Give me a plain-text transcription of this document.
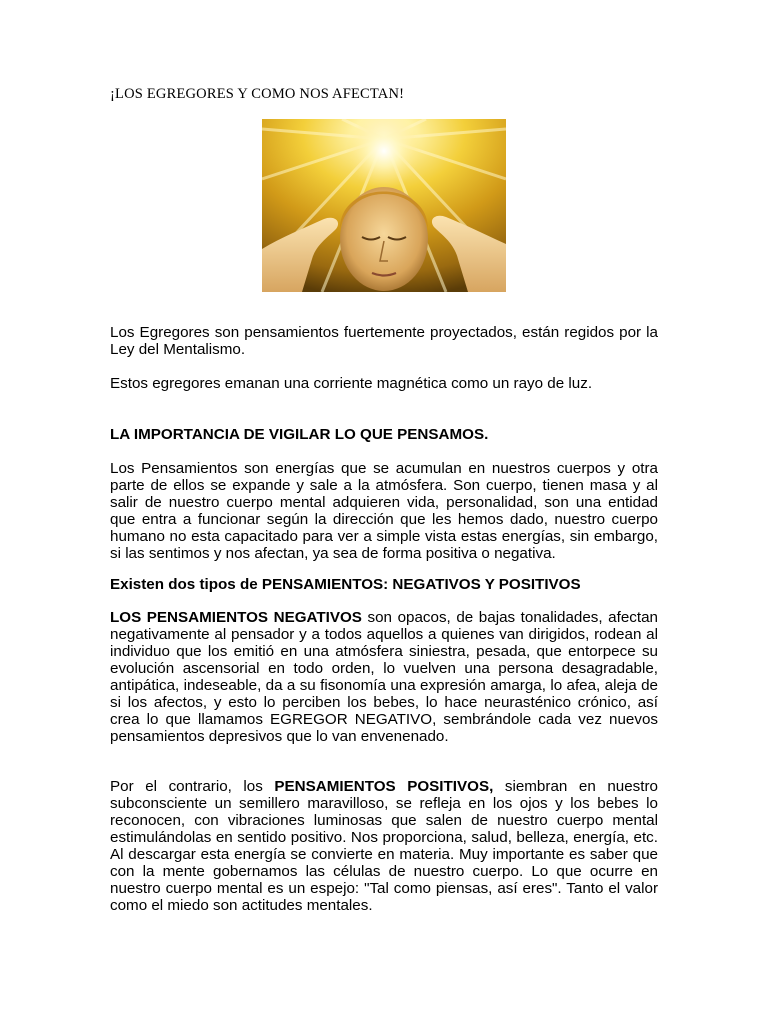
¡LOS EGREGORES Y COMO NOS AFECTAN!

Los Egregores son pensamientos fuertemente proyectados, están regidos por la Ley del Mentalismo.

Estos egregores emanan una corriente magnética como un rayo de luz.

LA IMPORTANCIA DE VIGILAR LO QUE PENSAMOS.

Los Pensamientos son energías que se acumulan en nuestros cuerpos y otra parte de ellos se expande y sale a la atmósfera. Son cuerpo, tienen masa y al salir de nuestro cuerpo mental adquieren vida, personalidad, son una entidad que entra a funcionar según la dirección que les hemos dado, nuestro cuerpo humano no esta capacitado para ver a simple vista estas energías, sin embargo, si las sentimos y nos afectan, ya sea de forma positiva o negativa.

Existen dos tipos de PENSAMIENTOS: NEGATIVOS Y POSITIVOS

LOS PENSAMIENTOS NEGATIVOS son opacos, de bajas tonalidades, afectan negativamente al pensador y a todos aquellos a quienes van dirigidos, rodean al individuo que los emitió en una atmósfera siniestra, pesada, que entorpece su evolución ascensorial en todo orden, lo vuelven una persona desagradable, antipática, indeseable, da a su fisonomía una expresión amarga, lo afea, aleja de si los afectos, y esto lo perciben los bebes, lo hace neurasténico crónico, así crea lo que llamamos EGREGOR NEGATIVO, sembrándole cada vez nuevos pensamientos depresivos que lo van envenenado.

Por el contrario, los PENSAMIENTOS POSITIVOS, siembran en nuestro subconsciente un semillero maravilloso, se refleja en los ojos y los bebes lo reconocen, con vibraciones luminosas que salen de nuestro cuerpo mental estimulándolas en sentido positivo. Nos proporciona, salud, belleza, energía, etc. Al descargar esta energía se convierte en materia. Muy importante es saber que con la mente gobernamos las células de nuestro cuerpo. Lo que ocurre en nuestro cuerpo mental es un espejo: "Tal como piensas, así eres". Tanto el valor como el miedo son actitudes mentales.
